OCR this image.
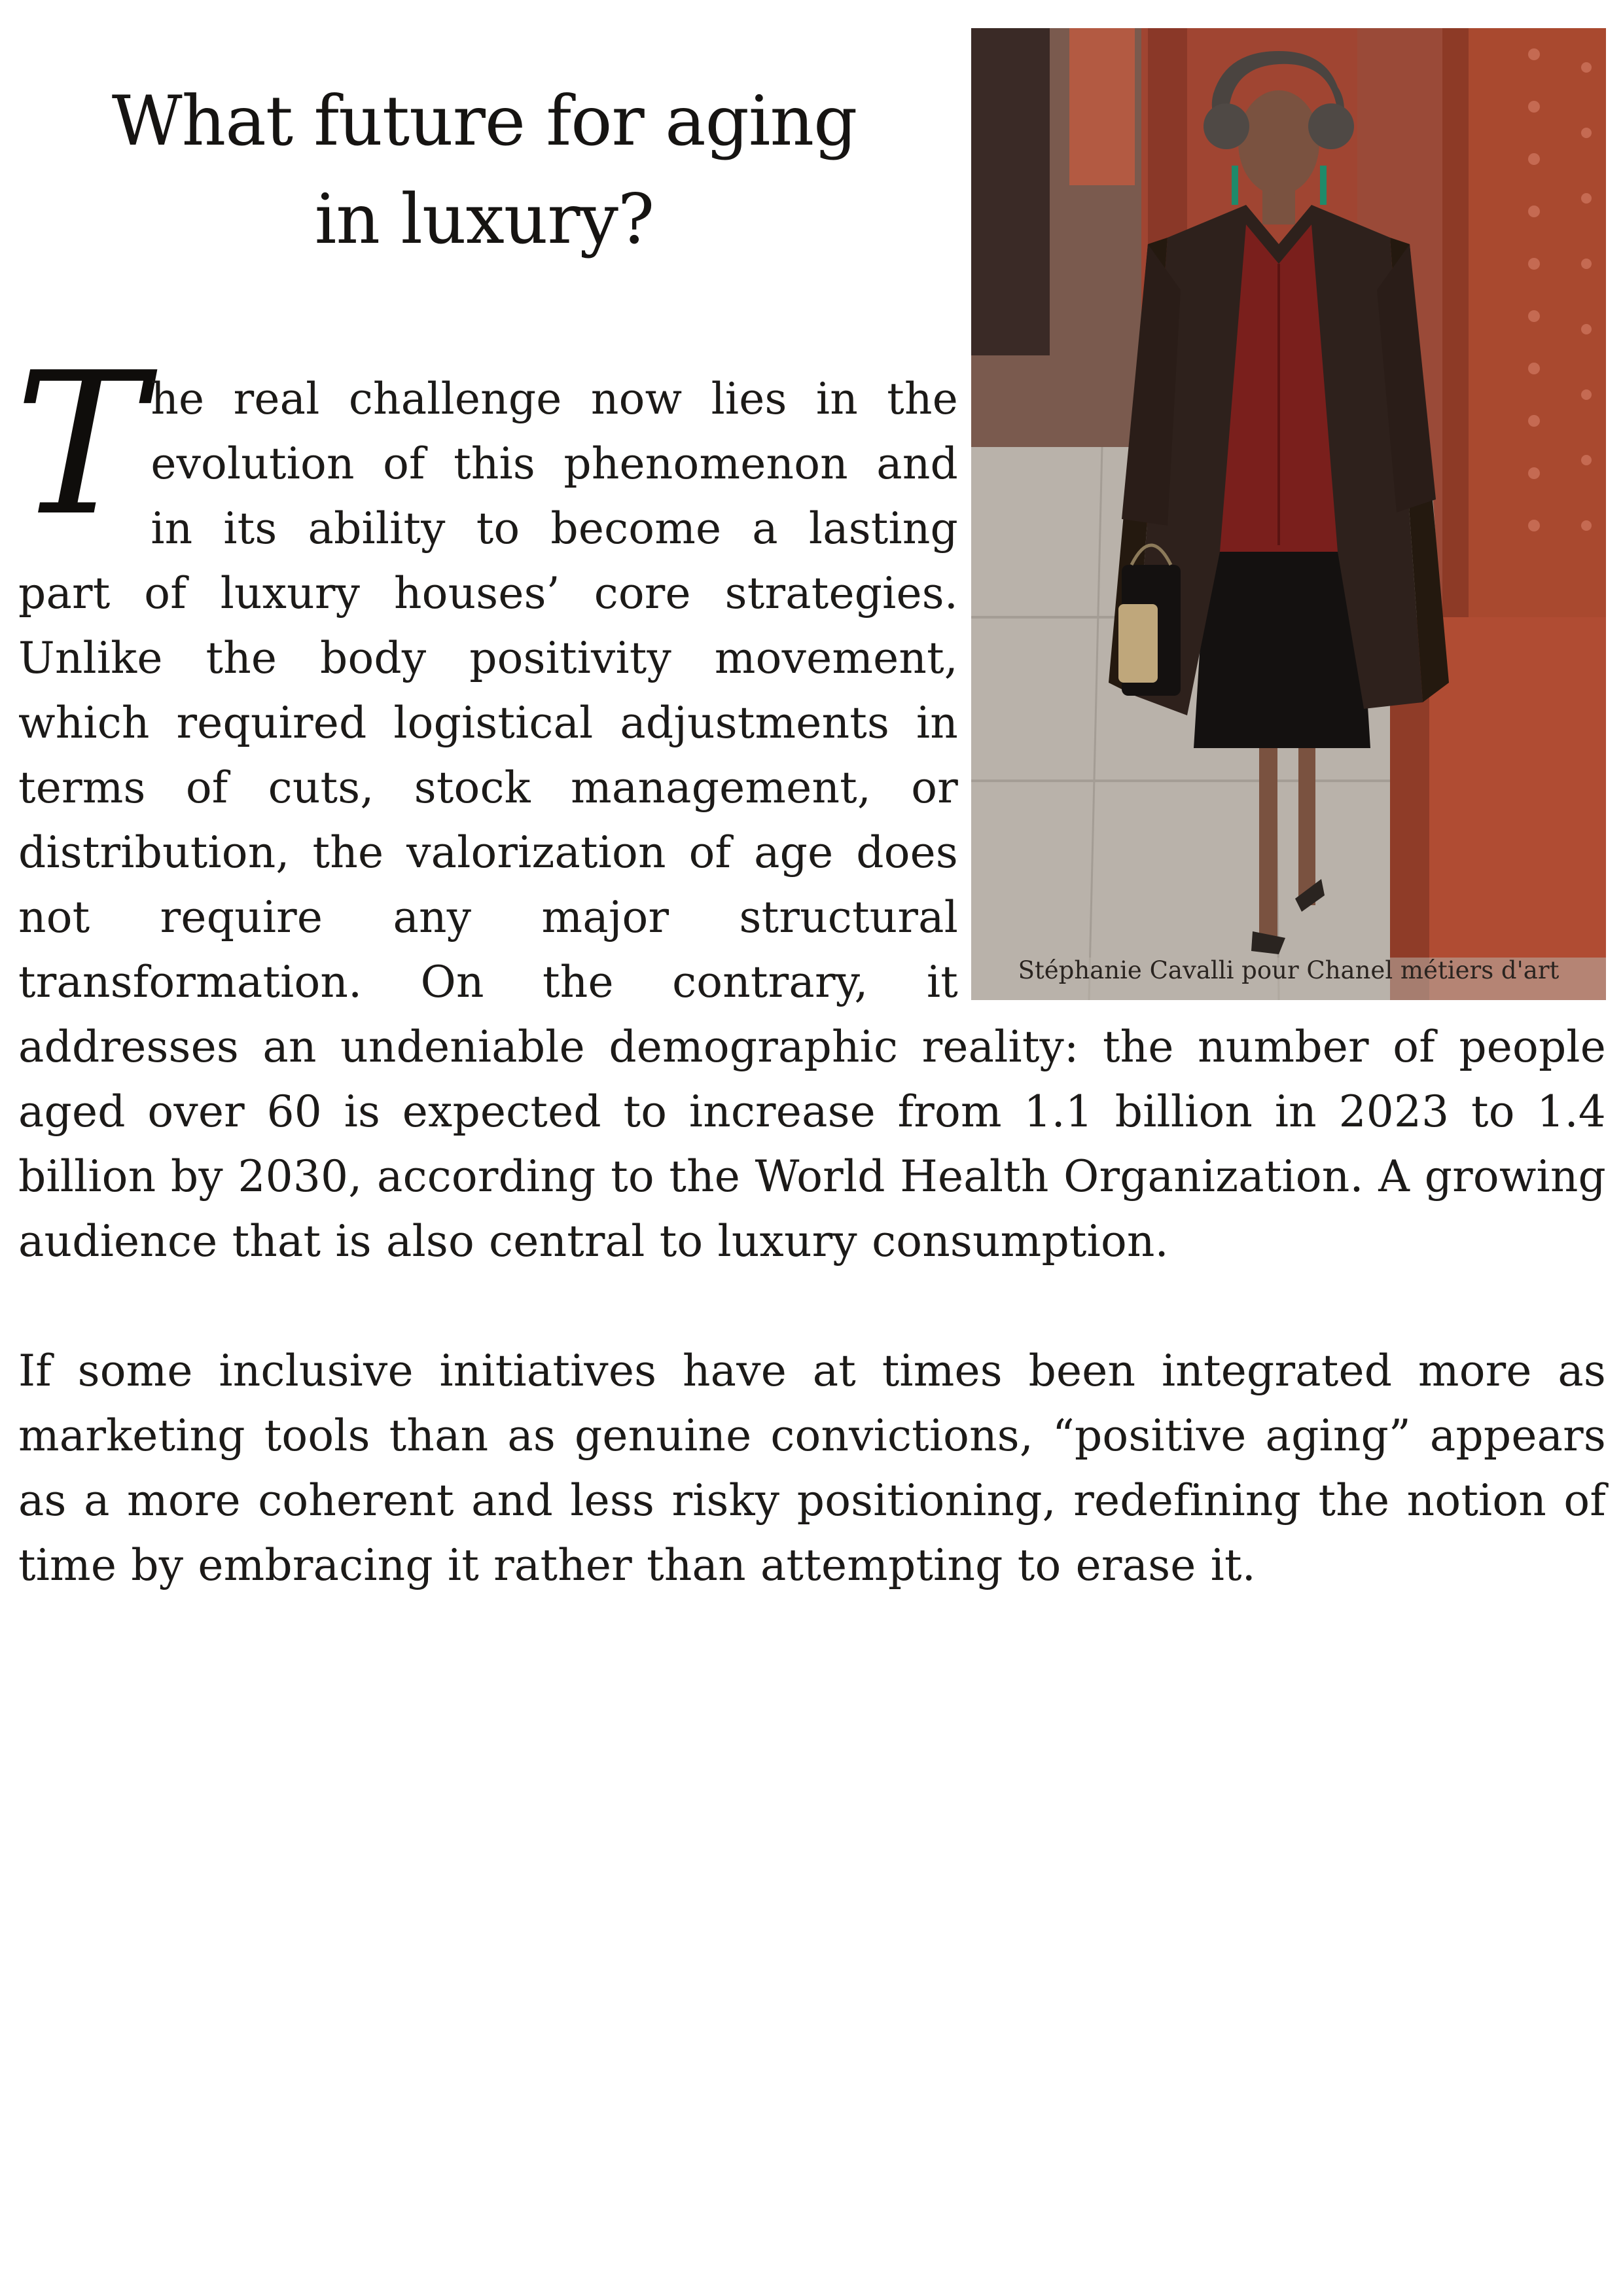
What future for aging in luxury?
Stéphanie Cavalli pour Chanel métiers d'art

The real challenge now lies in the evolution of this phenomenon and in its ability to become a lasting part of luxury houses’ core strategies. Unlike the body positivity movement, which required logistical adjustments in terms of cuts, stock management, or distribution, the valorization of age does not require any major structural transformation. On the contrary, it addresses an undeniable demographic reality: the number of people aged over 60 is expected to increase from 1.1 billion in 2023 to 1.4 billion by 2030, according to the World Health Organization. A growing audience that is also central to luxury consumption.

If some inclusive initiatives have at times been integrated more as marketing tools than as genuine convictions, “positive aging” appears as a more coherent and less risky positioning, redefining the notion of time by embracing it rather than attempting to erase it.
